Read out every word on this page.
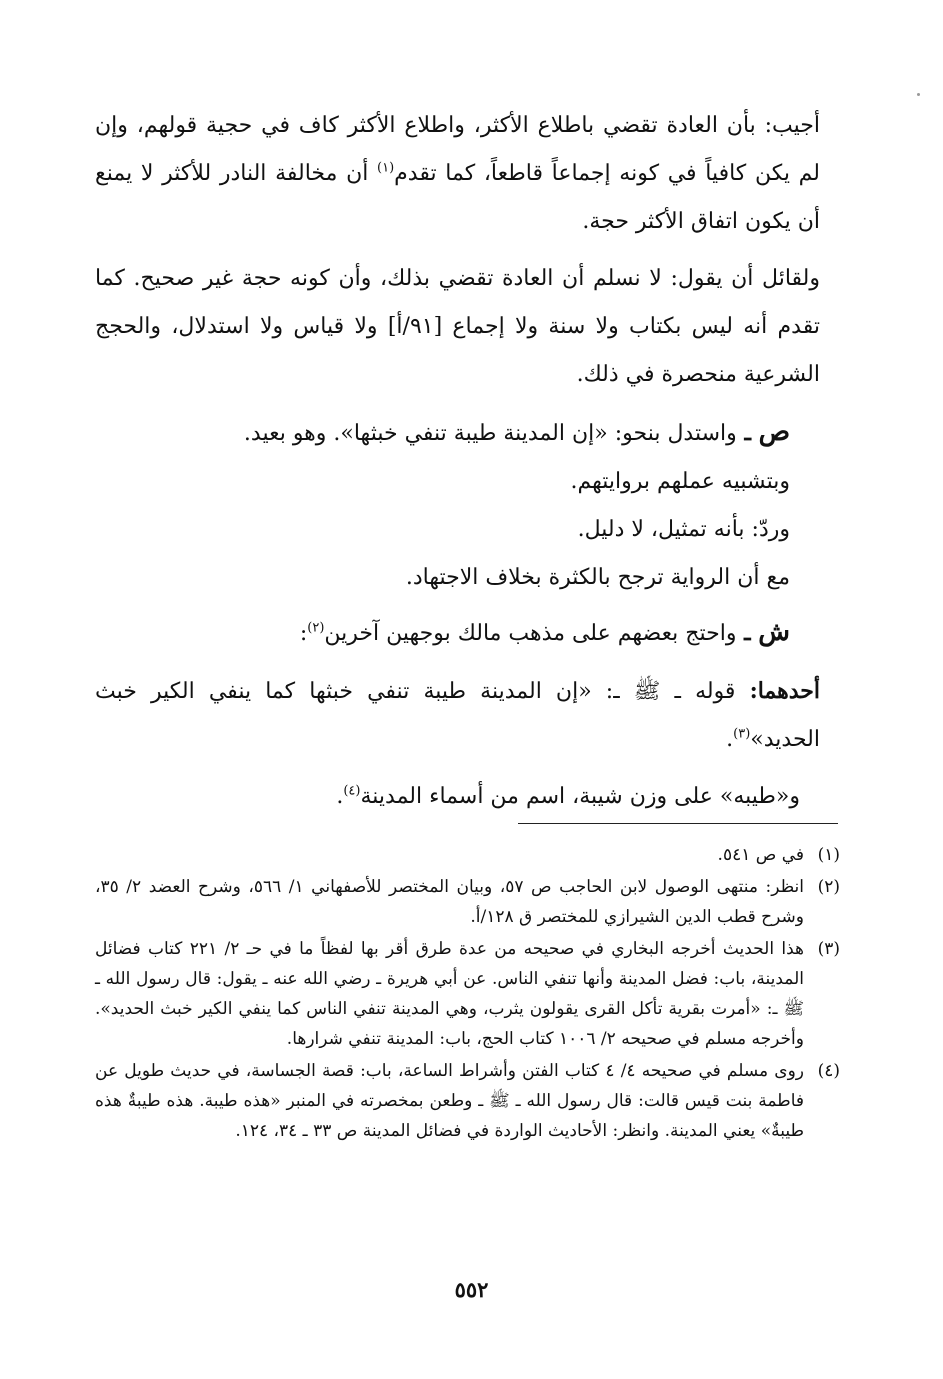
أجيب: بأن العادة تقضي باطلاع الأكثر، واطلاع الأكثر كاف في حجية قولهم، وإن لم يكن كافياً في كونه إجماعاً قاطعاً، كما تقدم$^{(١)}$ أن مخالفة النادر للأكثر لا يمنع أن يكون اتفاق الأكثر حجة.

ولقائل أن يقول: لا نسلم أن العادة تقضي بذلك، وأن كونه حجة غير صحيح. كما تقدم أنه ليس بكتاب ولا سنة ولا إجماع [٩١/أ] ولا قياس ولا استدلال، والحجج الشرعية منحصرة في ذلك.

ص ـ واستدل بنحو: «إن المدينة طيبة تنفي خبثها». وهو بعيد.

وبتشبيه عملهم بروايتهم.

وردّ: بأنه تمثيل، لا دليل.

مع أن الرواية ترجح بالكثرة بخلاف الاجتهاد.

ش ـ واحتج بعضهم على مذهب مالك بوجهين آخرين$^{(٢)}$:

أحدهما: قوله ـ ﷺ ـ: «إن المدينة طيبة تنفي خبثها كما ينفي الكير خبث الحديد»$^{(٣)}$.

و«طيبه» على وزن شيبة، اسم من أسماء المدينة$^{(٤)}$.

(١)
في ص ٥٤١.
(٢)
انظر: منتهى الوصول لابن الحاجب ص ٥٧، وبيان المختصر للأصفهاني ١/ ٥٦٦، وشرح العضد ٢/ ٣٥، وشرح قطب الدين الشيرازي للمختصر ق ١٢٨/أ.
(٣)
هذا الحديث أخرجه البخاري في صحيحه من عدة طرق أقر بها لفظاً ما في حـ ٢/ ٢٢١ كتاب فضائل المدينة، باب: فضل المدينة وأنها تنفي الناس. عن أبي هريرة ـ رضي الله عنه ـ يقول: قال رسول الله ـ ﷺ ـ: «أمرت بقرية تأكل القرى يقولون يثرب، وهي المدينة تنفي الناس كما ينفي الكير خبث الحديد». وأخرجه مسلم في صحيحه ٢/ ١٠٠٦ كتاب الحج، باب: المدينة تنفي شرارها.
(٤)
روى مسلم في صحيحه ٤/ ٤ كتاب الفتن وأشراط الساعة، باب: قصة الجساسة، في حديث طويل عن فاطمة بنت قيس قالت: قال رسول الله ـ ﷺ ـ وطعن بمخصرته في المنبر «هذه طيبة. هذه طيبةٌ هذه طيبةٌ» يعني المدينة. وانظر: الأحاديث الواردة في فضائل المدينة ص ٣٣ ـ ٣٤، ١٢٤.
٥٥٢
